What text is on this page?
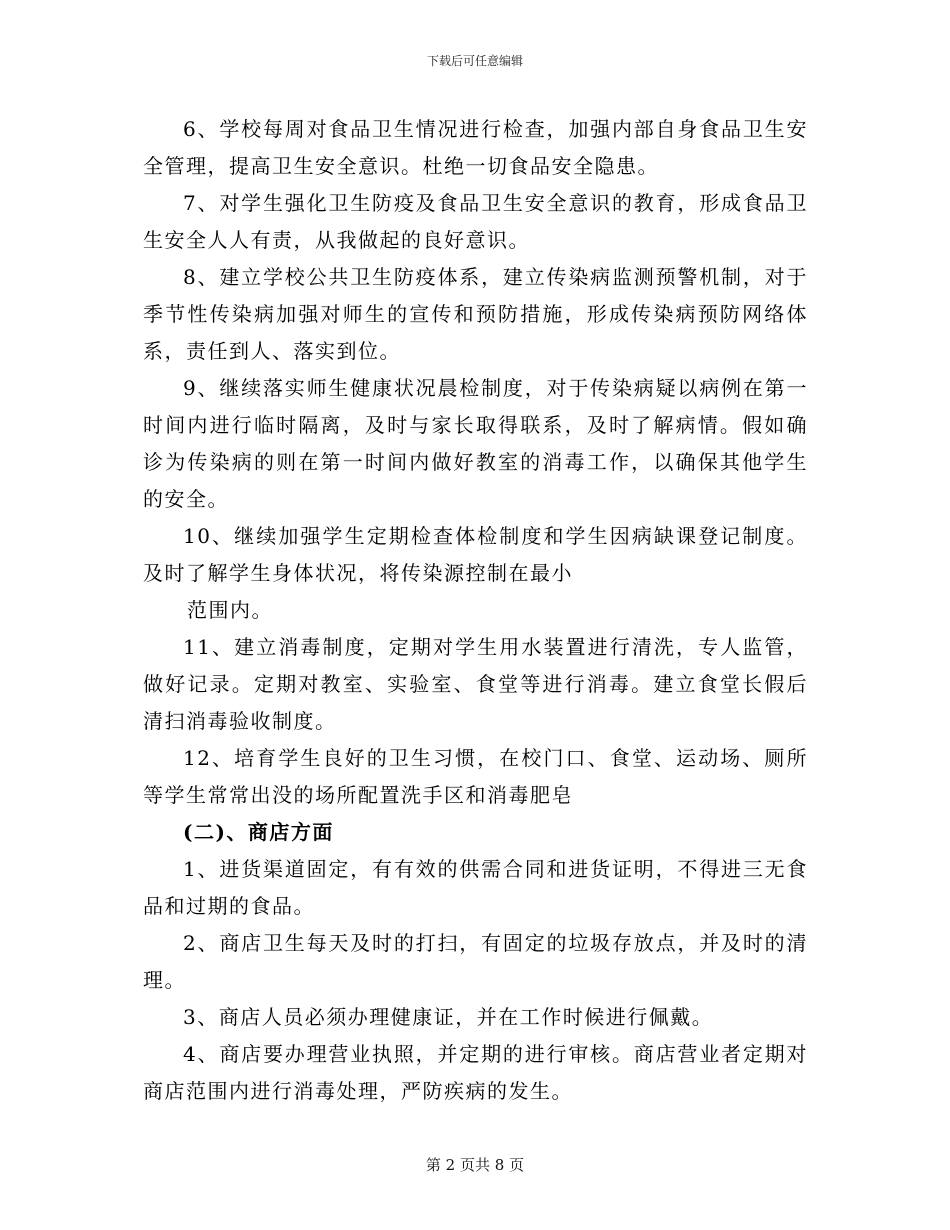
下载后可任意编辑

6、学校每周对食品卫生情况进行检查，加强内部自身食品卫生安全管理，提高卫生安全意识。杜绝一切食品安全隐患。

7、对学生强化卫生防疫及食品卫生安全意识的教育，形成食品卫生安全人人有责，从我做起的良好意识。

8、建立学校公共卫生防疫体系，建立传染病监测预警机制，对于季节性传染病加强对师生的宣传和预防措施，形成传染病预防网络体系，责任到人、落实到位。

9、继续落实师生健康状况晨检制度，对于传染病疑以病例在第一时间内进行临时隔离，及时与家长取得联系，及时了解病情。假如确诊为传染病的则在第一时间内做好教室的消毒工作，以确保其他学生的安全。

10、继续加强学生定期检查体检制度和学生因病缺课登记制度。及时了解学生身体状况，将传染源控制在最小

范围内。

11、建立消毒制度，定期对学生用水装置进行清洗，专人监管，做好记录。定期对教室、实验室、食堂等进行消毒。建立食堂长假后清扫消毒验收制度。

12、培育学生良好的卫生习惯，在校门口、食堂、运动场、厕所等学生常常出没的场所配置洗手区和消毒肥皂

(二)、商店方面

1、进货渠道固定，有有效的供需合同和进货证明，不得进三无食品和过期的食品。

2、商店卫生每天及时的打扫，有固定的垃圾存放点，并及时的清理。

3、商店人员必须办理健康证，并在工作时候进行佩戴。

4、商店要办理营业执照，并定期的进行审核。商店营业者定期对商店范围内进行消毒处理，严防疾病的发生。

第 2 页共 8 页
